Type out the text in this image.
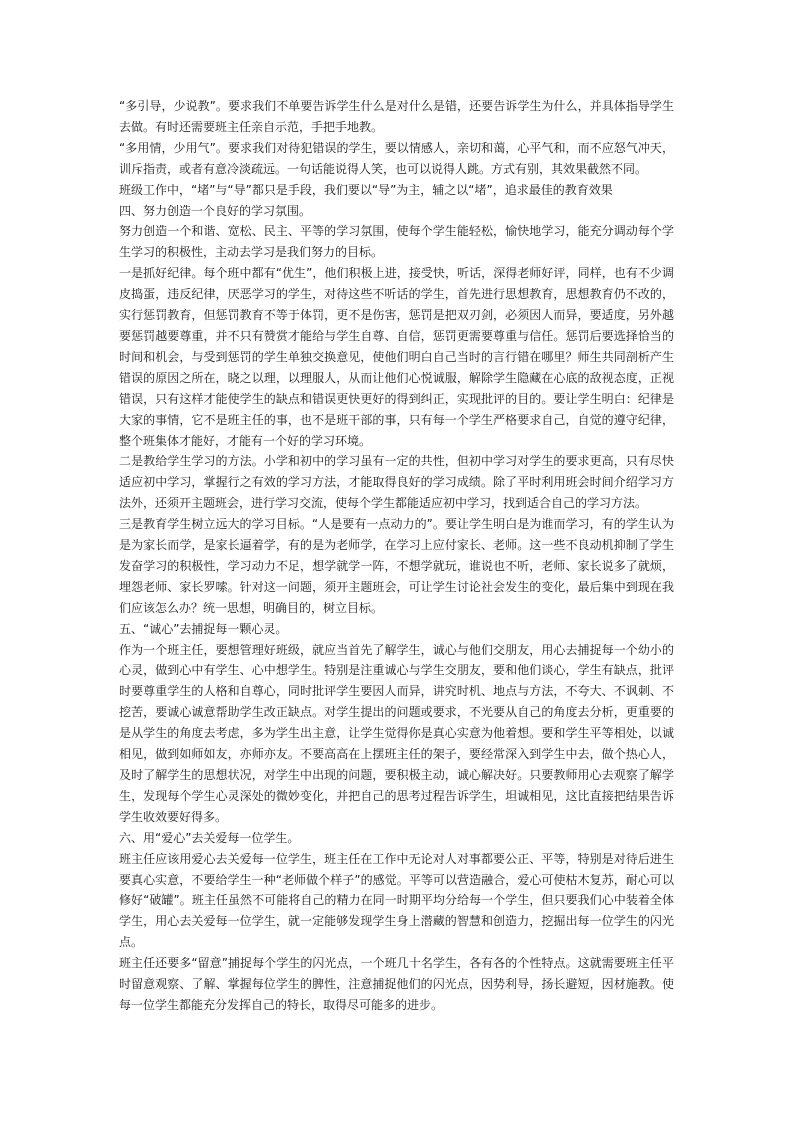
“多引导，少说教”。要求我们不单要告诉学生什么是对什么是错，还要告诉学生为什么，并具体指导学生去做。有时还需要班主任亲自示范，手把手地教。

“多用情，少用气”。要求我们对待犯错误的学生，要以情感人，亲切和蔼，心平气和，而不应怒气冲天，训斥指责，或者有意冷淡疏远。一句话能说得人笑，也可以说得人跳。方式有别，其效果截然不同。

班级工作中，“堵”与“导”都只是手段，我们要以“导”为主，辅之以“堵”，追求最佳的教育效果

四、努力创造一个良好的学习氛围。

努力创造一个和谐、宽松、民主、平等的学习氛围，使每个学生能轻松，愉快地学习，能充分调动每个学生学习的积极性，主动去学习是我们努力的目标。

一是抓好纪律。每个班中都有“优生”，他们积极上进，接受快，听话，深得老师好评，同样，也有不少调皮捣蛋，违反纪律，厌恶学习的学生，对待这些不听话的学生，首先进行思想教育，思想教育仍不改的，实行惩罚教育，但惩罚教育不等于体罚，更不是伤害，惩罚是把双刃剑，必须因人而异，要适度，另外越要惩罚越要尊重，并不只有赞赏才能给与学生自尊、自信，惩罚更需要尊重与信任。惩罚后要选择恰当的时间和机会，与受到惩罚的学生单独交换意见，使他们明白自己当时的言行错在哪里？师生共同剖析产生错误的原因之所在，晓之以理，以理服人，从而让他们心悦诚服，解除学生隐藏在心底的敌视态度，正视错误，只有这样才能使学生的缺点和错误更快更好的得到纠正，实现批评的目的。要让学生明白：纪律是大家的事情，它不是班主任的事，也不是班干部的事，只有每一个学生严格要求自己，自觉的遵守纪律，整个班集体才能好，才能有一个好的学习环境。

二是教给学生学习的方法。小学和初中的学习虽有一定的共性，但初中学习对学生的要求更高，只有尽快适应初中学习，掌握行之有效的学习方法，才能取得良好的学习成绩。除了平时利用班会时间介绍学习方法外，还须开主题班会，进行学习交流，使每个学生都能适应初中学习，找到适合自己的学习方法。

三是教育学生树立远大的学习目标。“人是要有一点动力的”。要让学生明白是为谁而学习，有的学生认为是为家长而学，是家长逼着学，有的是为老师学，在学习上应付家长、老师。这一些不良动机抑制了学生发奋学习的积极性，学习动力不足，想学就学一阵，不想学就玩，谁说也不听，老师、家长说多了就烦，埋怨老师、家长罗嗦。针对这一问题，须开主题班会，可让学生讨论社会发生的变化，最后集中到现在我们应该怎么办？统一思想，明确目的，树立目标。

五、“诚心”去捕捉每一颗心灵。

作为一个班主任，要想管理好班级，就应当首先了解学生，诚心与他们交朋友，用心去捕捉每一个幼小的心灵，做到心中有学生、心中想学生。特别是注重诚心与学生交朋友，要和他们谈心，学生有缺点，批评时要尊重学生的人格和自尊心，同时批评学生要因人而异，讲究时机、地点与方法，不夸大、不讽刺、不挖苦，要诚心诚意帮助学生改正缺点。对学生提出的问题或要求，不光要从自己的角度去分析，更重要的是从学生的角度去考虑，多为学生出主意，让学生觉得你是真心实意为他着想。要和学生平等相处，以诚相见，做到如师如友，亦师亦友。不要高高在上摆班主任的架子，要经常深入到学生中去，做个热心人，及时了解学生的思想状况，对学生中出现的问题，要积极主动，诚心解决好。只要教师用心去观察了解学生，发现每个学生心灵深处的微妙变化，并把自己的思考过程告诉学生，坦诚相见，这比直接把结果告诉学生收效要好得多。

六、用“爱心”去关爱每一位学生。

班主任应该用爱心去关爱每一位学生，班主任在工作中无论对人对事都要公正、平等，特别是对待后进生要真心实意，不要给学生一种“老师做个样子”的感觉。平等可以营造融合，爱心可使枯木复苏，耐心可以修好“破罐”。班主任虽然不可能将自己的精力在同一时期平均分给每一个学生，但只要我们心中装着全体学生，用心去关爱每一位学生，就一定能够发现学生身上潜藏的智慧和创造力，挖掘出每一位学生的闪光点。

班主任还要多“留意”捕捉每个学生的闪光点，一个班几十名学生，各有各的个性特点。这就需要班主任平时留意观察、了解、掌握每位学生的脾性，注意捕捉他们的闪光点，因势利导，扬长避短，因材施教。使每一位学生都能充分发挥自己的特长，取得尽可能多的进步。
